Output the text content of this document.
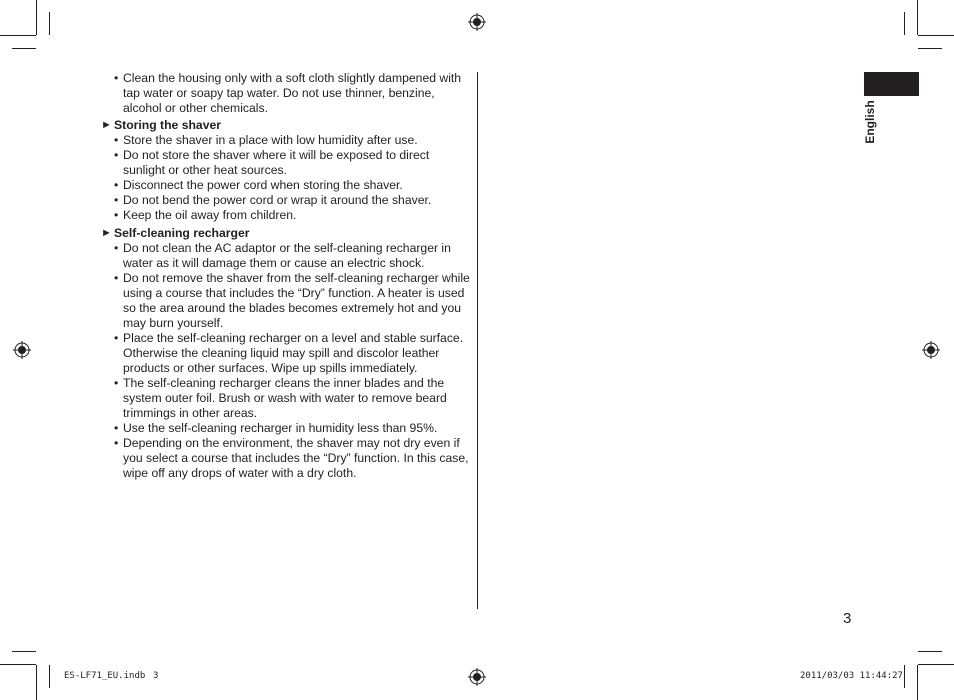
• Clean the housing only with a soft cloth slightly dampened with tap water or soapy tap water. Do not use thinner, benzine, alcohol or other chemicals.
► Storing the shaver
• Store the shaver in a place with low humidity after use.
• Do not store the shaver where it will be exposed to direct sunlight or other heat sources.
• Disconnect the power cord when storing the shaver.
• Do not bend the power cord or wrap it around the shaver.
• Keep the oil away from children.
► Self-cleaning recharger
• Do not clean the AC adaptor or the self-cleaning recharger in water as it will damage them or cause an electric shock.
• Do not remove the shaver from the self-cleaning recharger while using a course that includes the “Dry” function. A heater is used so the area around the blades becomes extremely hot and you may burn yourself.
• Place the self-cleaning recharger on a level and stable surface. Otherwise the cleaning liquid may spill and discolor leather products or other surfaces. Wipe up spills immediately.
• The self-cleaning recharger cleans the inner blades and the system outer foil. Brush or wash with water to remove beard trimmings in other areas.
• Use the self-cleaning recharger in humidity less than 95%.
• Depending on the environment, the shaver may not dry even if you select a course that includes the “Dry” function. In this case, wipe off any drops of water with a dry cloth.
English
3
ES-LF71_EU.indb 3	2011/03/03 11:44:27
